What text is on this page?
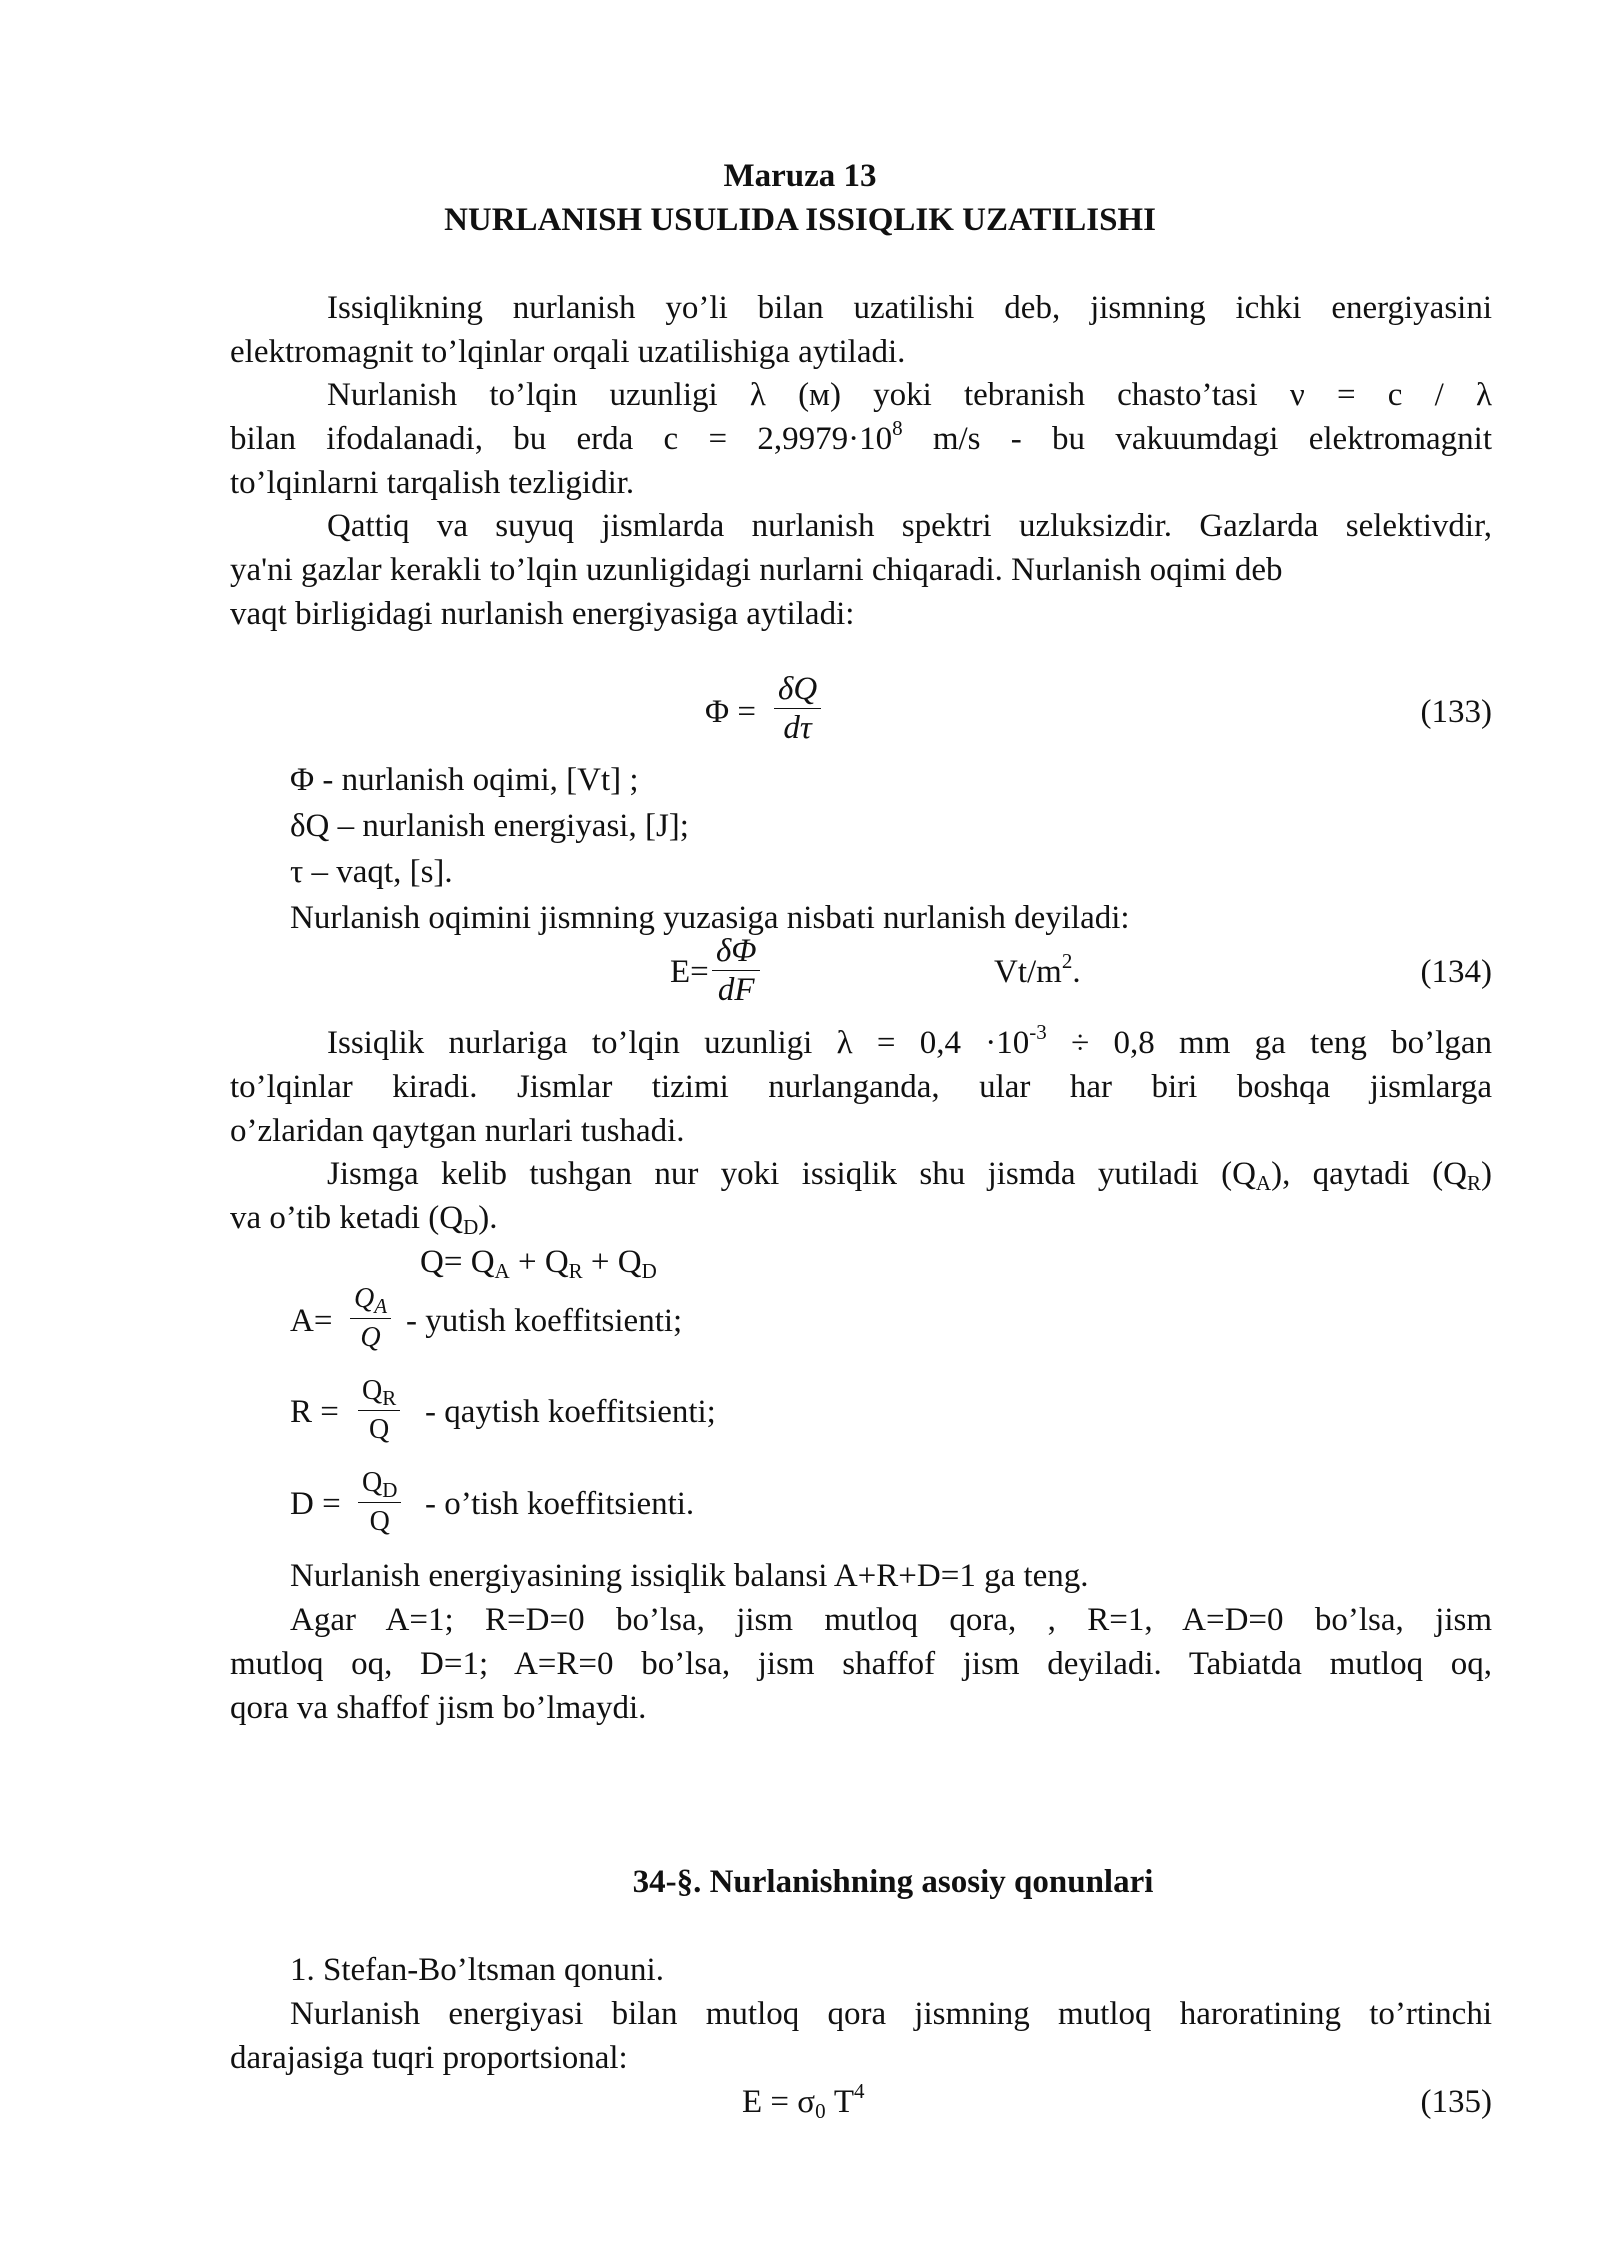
Maruza 13
NURLANISH USULIDA ISSIQLIK UZATILISHI
Issiqlikning nurlanish yo’li bilan uzatilishi deb, jismning ichki energiyasini
elektromagnit to’lqinlar orqali uzatilishiga aytiladi.
Nurlanish to’lqin uzunligi λ (м) yoki tebranish chasto’tasi ν = c / λ
bilan ifodalanadi, bu erda $c = 2,9979\cdot 10^8$ m/s - bu vakuumdagi elektromagnit
to’lqinlarni tarqalish tezligidir.
Qattiq va suyuq jismlarda nurlanish spektri uzluksizdir. Gazlarda selektivdir,
ya'ni gazlar kerakli to’lqin uzunligidagi nurlarni chiqaradi. Nurlanish oqimi deb
vaqt birligidagi nurlanish energiyasiga aytiladi:
$\Phi = \frac{\delta Q}{d\tau}$	(133)
Φ - nurlanish oqimi, [Vt] ;
δQ – nurlanish energiyasi, [J];
τ – vaqt, [s].
Nurlanish oqimini jismning yuzasiga nisbati nurlanish deyiladi:
$E= \frac{\delta\Phi}{dF}$	$Vt/m^2$.	(134)
Issiqlik nurlariga to’lqin uzunligi $\lambda = 0,4 \cdot 10^{-3} \div 0,8$ mm ga teng bo’lgan
to’lqinlar kiradi. Jismlar tizimi nurlanganda, ular har biri boshqa jismlarga
o’zlaridan qaytgan nurlari tushadi.
Jismga kelib tushgan nur yoki issiqlik shu jismda yutiladi $(Q_A)$, qaytadi $(Q_R)$
va o’tib ketadi $(Q_D)$.
$Q= Q_A + Q_R + Q_D$
$A= \frac{Q_A}{Q}$ - yutish koeffitsienti;
$R = \frac{Q_R}{Q}$ - qaytish koeffitsienti;
$D = \frac{Q_D}{Q}$ - o’tish koeffitsienti.
Nurlanish energiyasining issiqlik balansi A+R+D=1 ga teng.
Agar A=1; R=D=0 bo’lsa, jism mutloq qora, , R=1, A=D=0 bo’lsa, jism
mutloq oq, D=1; A=R=0 bo’lsa, jism shaffof jism deyiladi. Tabiatda mutloq oq,
qora va shaffof jism bo’lmaydi.
34-§. Nurlanishning asosiy qonunlari
1. Stefan-Bo’ltsman qonuni.
Nurlanish energiyasi bilan mutloq qora jismning mutloq haroratining to’rtinchi
darajasiga tuqri proportsional:
$E = \sigma_0$ $T^4$	(135)
